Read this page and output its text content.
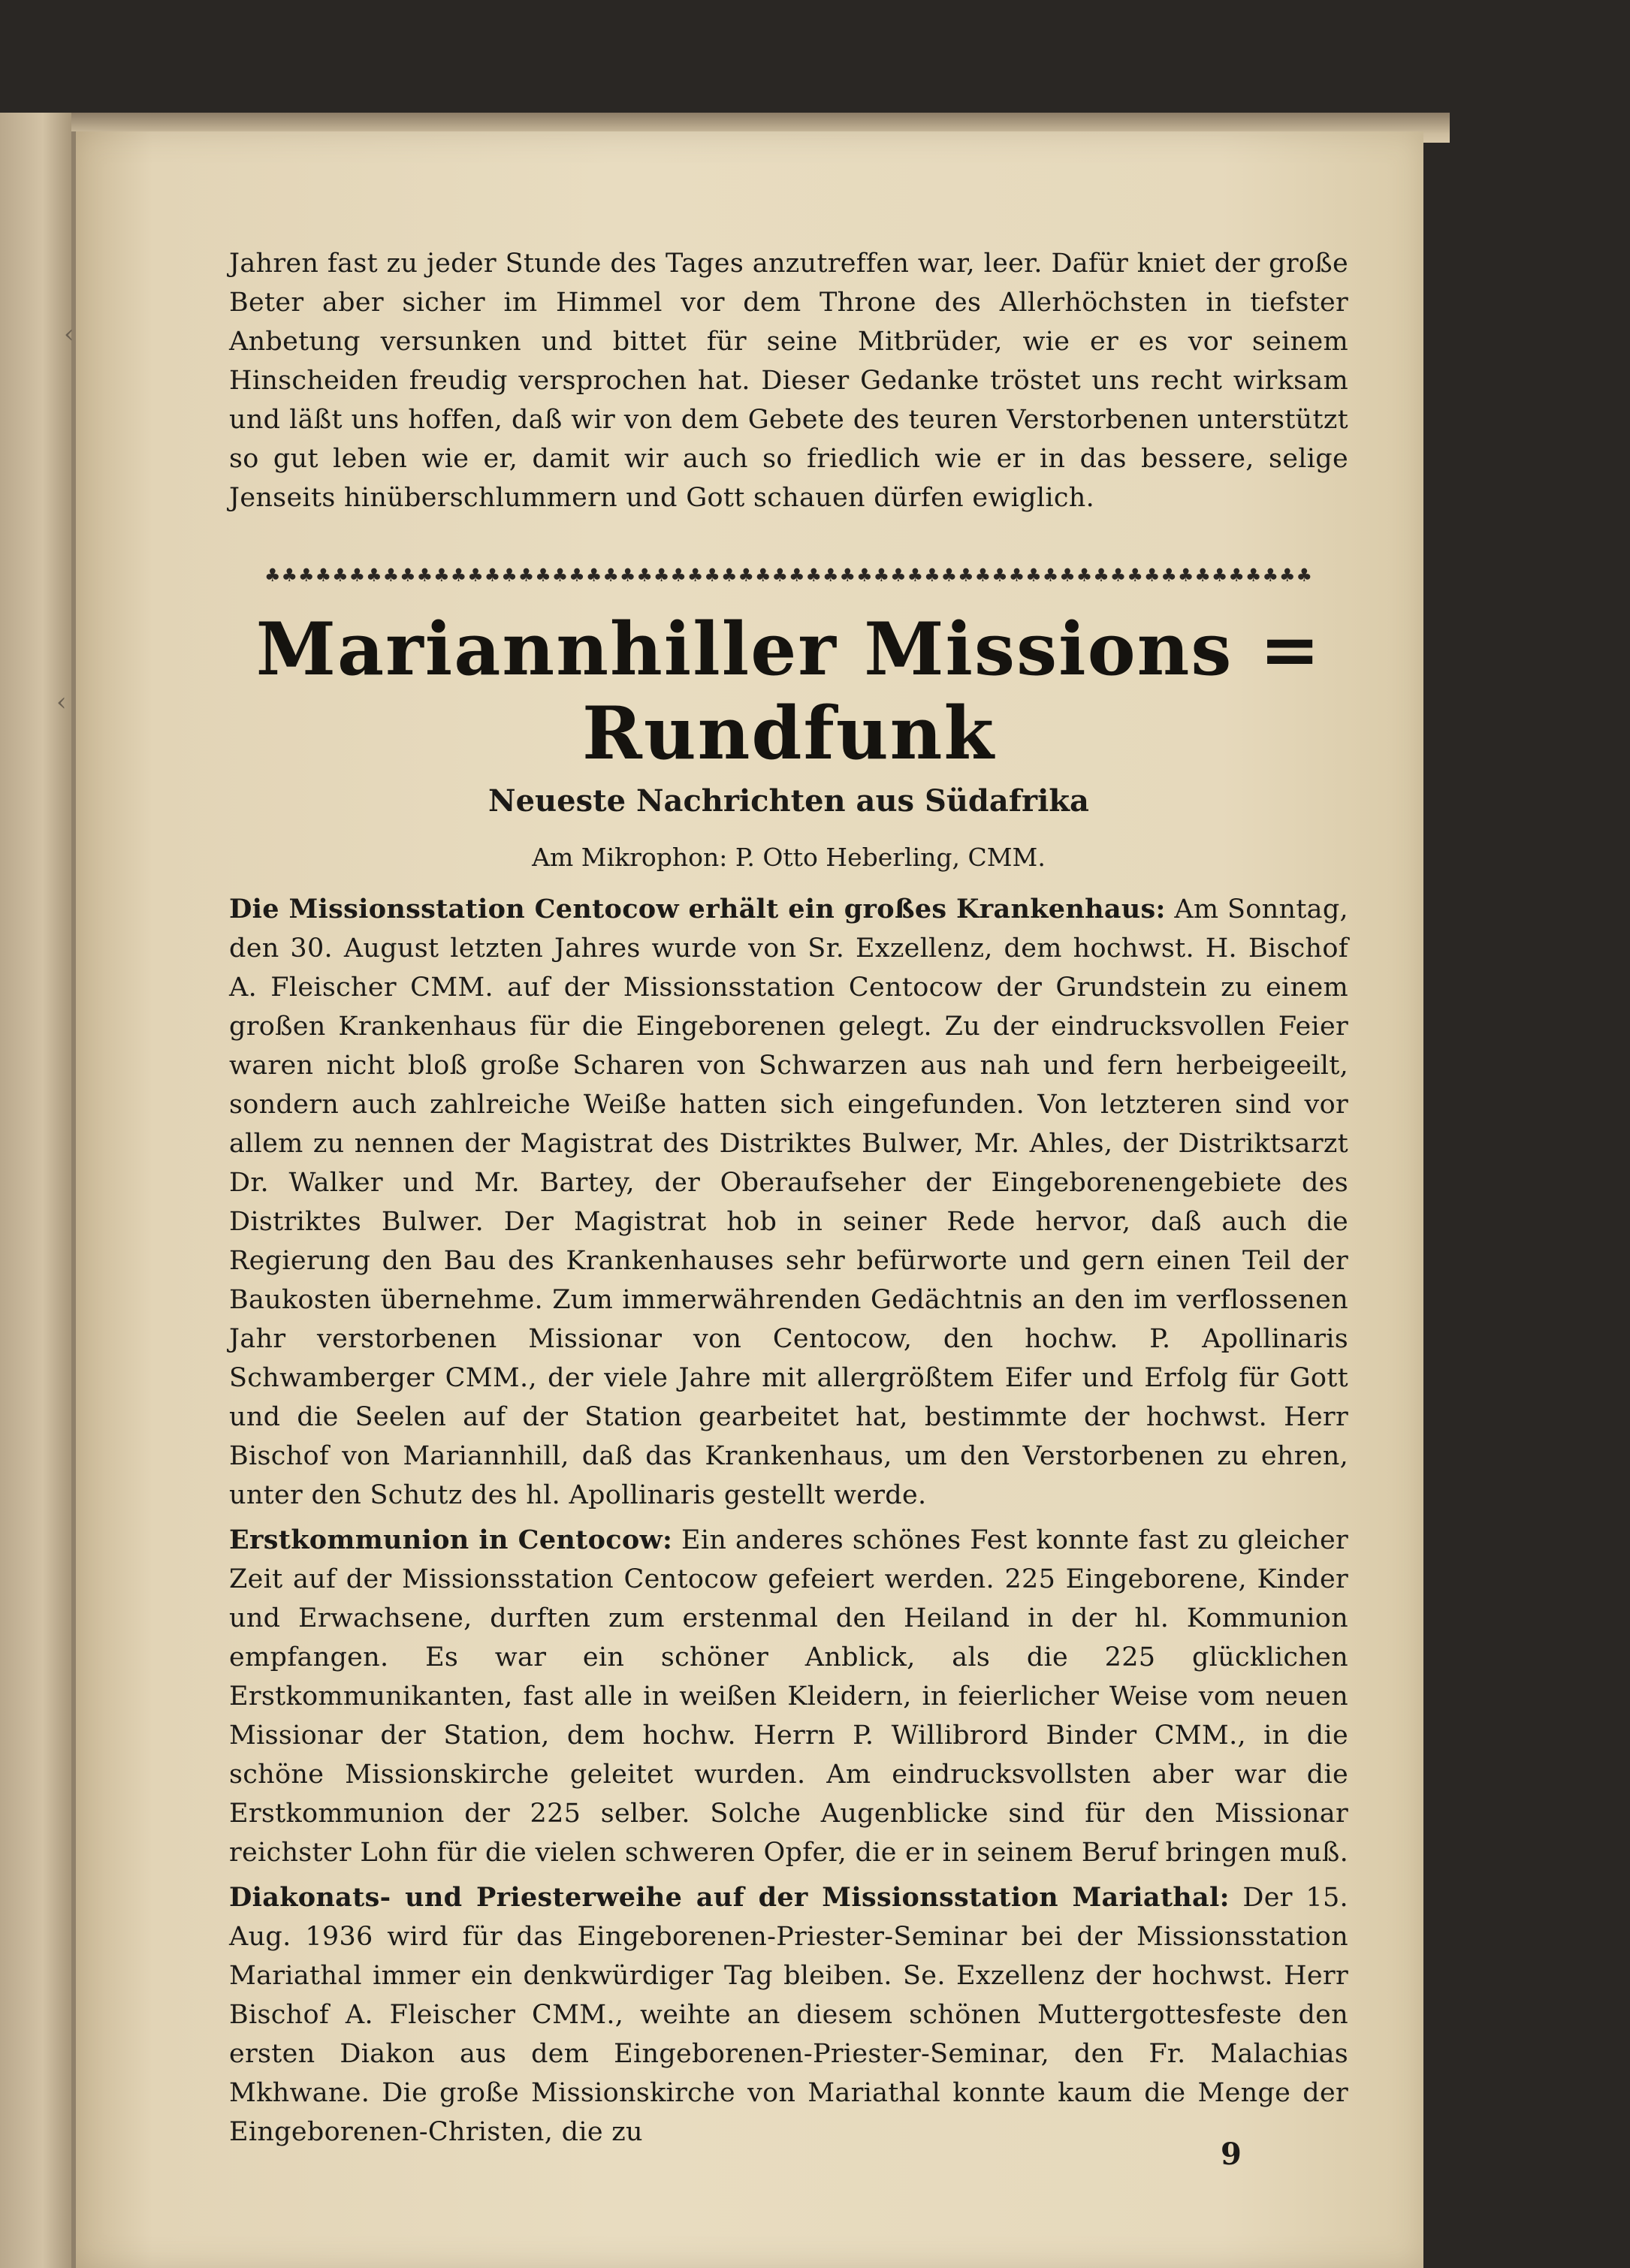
‹
‹

Jahren fast zu jeder Stunde des Tages anzutreffen war, leer. Dafür kniet der große Beter aber sicher im Himmel vor dem Throne des Allerhöchsten in tiefster Anbetung versunken und bittet für seine Mitbrüder, wie er es vor seinem Hinscheiden freudig versprochen hat. Dieser Gedanke tröstet uns recht wirksam und läßt uns hoffen, daß wir von dem Gebete des teuren Verstorbenen unterstützt so gut leben wie er, damit wir auch so friedlich wie er in das bessere, selige Jenseits hinüberschlummern und Gott schauen dürfen ewiglich.

♣♣♣♣♣♣♣♣♣♣♣♣♣♣♣♣♣♣♣♣♣♣♣♣♣♣♣♣♣♣♣♣♣♣♣♣♣♣♣♣♣♣♣♣♣♣♣♣♣♣♣♣♣♣♣♣♣♣♣♣♣♣
Mariannhiller Missions = Rundfunk
Neueste Nachrichten aus Südafrika
Am Mikrophon: P. Otto Heberling, CMM.

Die Missionsstation Centocow erhält ein großes Krankenhaus: Am Sonntag, den 30. August letzten Jahres wurde von Sr. Exzellenz, dem hochwst. H. Bischof A. Fleischer CMM. auf der Missionsstation Centocow der Grundstein zu einem großen Krankenhaus für die Eingeborenen gelegt. Zu der eindrucksvollen Feier waren nicht bloß große Scharen von Schwarzen aus nah und fern herbeigeeilt, sondern auch zahlreiche Weiße hatten sich eingefunden. Von letzteren sind vor allem zu nennen der Magistrat des Distriktes Bulwer, Mr. Ahles, der Distriktsarzt Dr. Walker und Mr. Bartey, der Oberaufseher der Eingeborenengebiete des Distriktes Bulwer. Der Magistrat hob in seiner Rede hervor, daß auch die Regierung den Bau des Krankenhauses sehr befürworte und gern einen Teil der Baukosten übernehme. Zum immerwährenden Gedächtnis an den im verflossenen Jahr verstorbenen Missionar von Centocow, den hochw. P. Apollinaris Schwamberger CMM., der viele Jahre mit allergrößtem Eifer und Erfolg für Gott und die Seelen auf der Station gearbeitet hat, bestimmte der hochwst. Herr Bischof von Mariannhill, daß das Krankenhaus, um den Verstorbenen zu ehren, unter den Schutz des hl. Apollinaris gestellt werde.

Erstkommunion in Centocow: Ein anderes schönes Fest konnte fast zu gleicher Zeit auf der Missionsstation Centocow gefeiert werden. 225 Eingeborene, Kinder und Erwachsene, durften zum erstenmal den Heiland in der hl. Kommunion empfangen. Es war ein schöner Anblick, als die 225 glücklichen Erstkommunikanten, fast alle in weißen Kleidern, in feierlicher Weise vom neuen Missionar der Station, dem hochw. Herrn P. Willibrord Binder CMM., in die schöne Missionskirche geleitet wurden. Am eindrucksvollsten aber war die Erstkommunion der 225 selber. Solche Augenblicke sind für den Missionar reichster Lohn für die vielen schweren Opfer, die er in seinem Beruf bringen muß.

Diakonats- und Priesterweihe auf der Missionsstation Mariathal: Der 15. Aug. 1936 wird für das Eingeborenen-Priester-Seminar bei der Missionsstation Mariathal immer ein denkwürdiger Tag bleiben. Se. Exzellenz der hochwst. Herr Bischof A. Fleischer CMM., weihte an diesem schönen Muttergottesfeste den ersten Diakon aus dem Eingeborenen-Priester-Seminar, den Fr. Malachias Mkhwane. Die große Missionskirche von Mariathal konnte kaum die Menge der Eingeborenen-Christen, die zu

9
